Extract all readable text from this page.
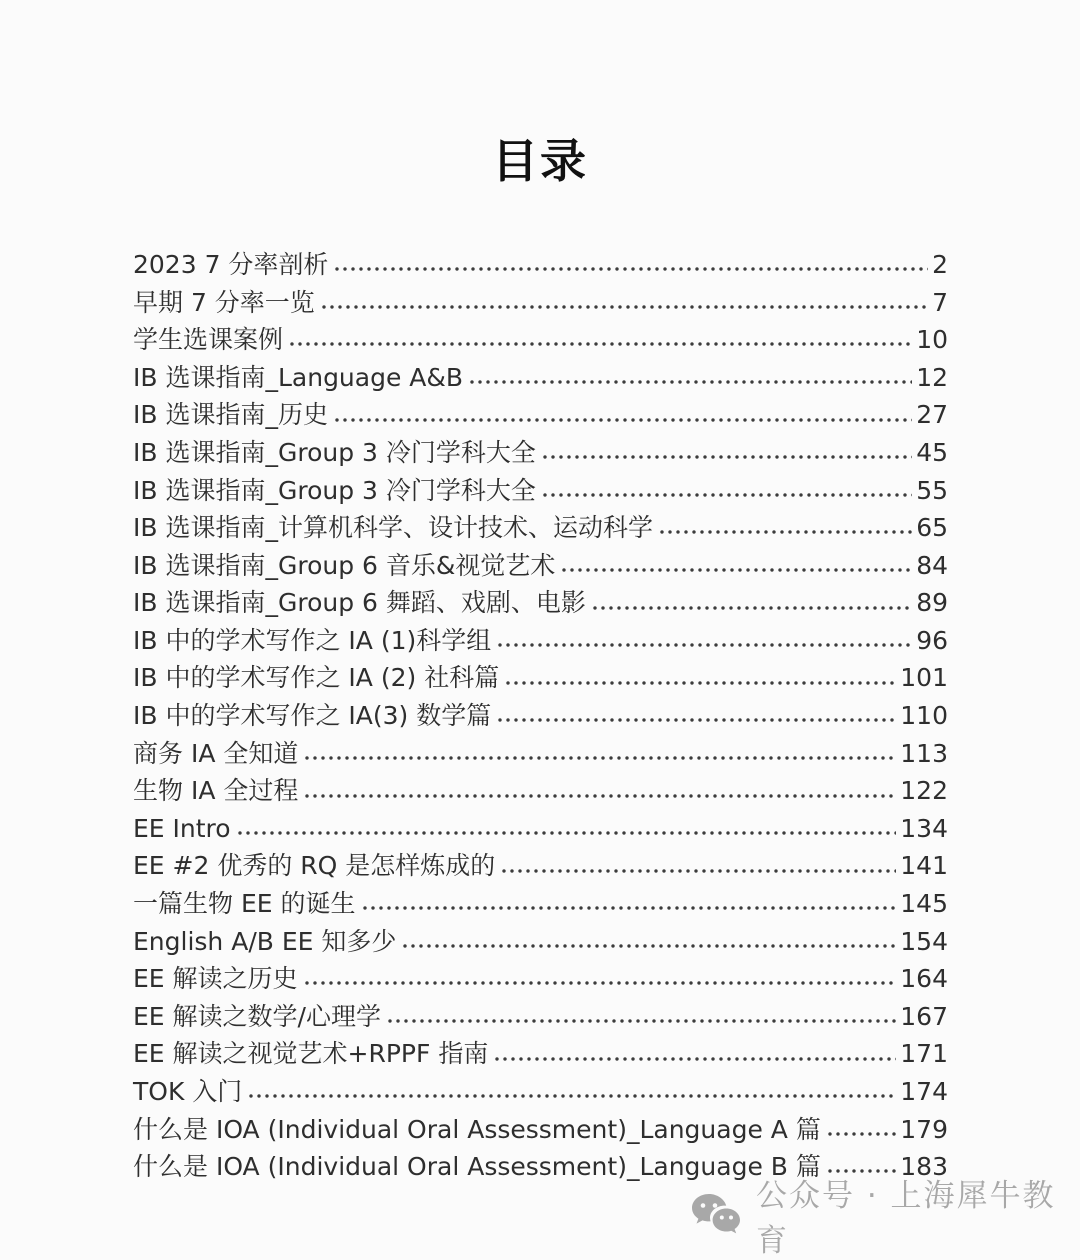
目录
2023 7 分率剖析	2
早期 7 分率一览	7
学生选课案例	10
IB 选课指南_Language A&B	12
IB 选课指南_历史	27
IB 选课指南_Group 3 冷门学科大全	45
IB 选课指南_Group 3 冷门学科大全	55
IB 选课指南_计算机科学、设计技术、运动科学	65
IB 选课指南_Group 6 音乐&视觉艺术	84
IB 选课指南_Group 6 舞蹈、戏剧、电影	89
IB 中的学术写作之 IA (1)科学组	96
IB 中的学术写作之 IA (2) 社科篇	101
IB 中的学术写作之 IA(3) 数学篇	110
商务 IA 全知道	113
生物 IA 全过程	122
EE Intro	134
EE #2 优秀的 RQ 是怎样炼成的	141
一篇生物 EE 的诞生	145
English A/B EE 知多少	154
EE 解读之历史	164
EE 解读之数学/心理学	167
EE 解读之视觉艺术+RPPF 指南	171
TOK 入门	174
什么是 IOA (Individual Oral Assessment)_Language A 篇	179
什么是 IOA (Individual Oral Assessment)_Language B 篇	183
公众号 · 上海犀牛教育
